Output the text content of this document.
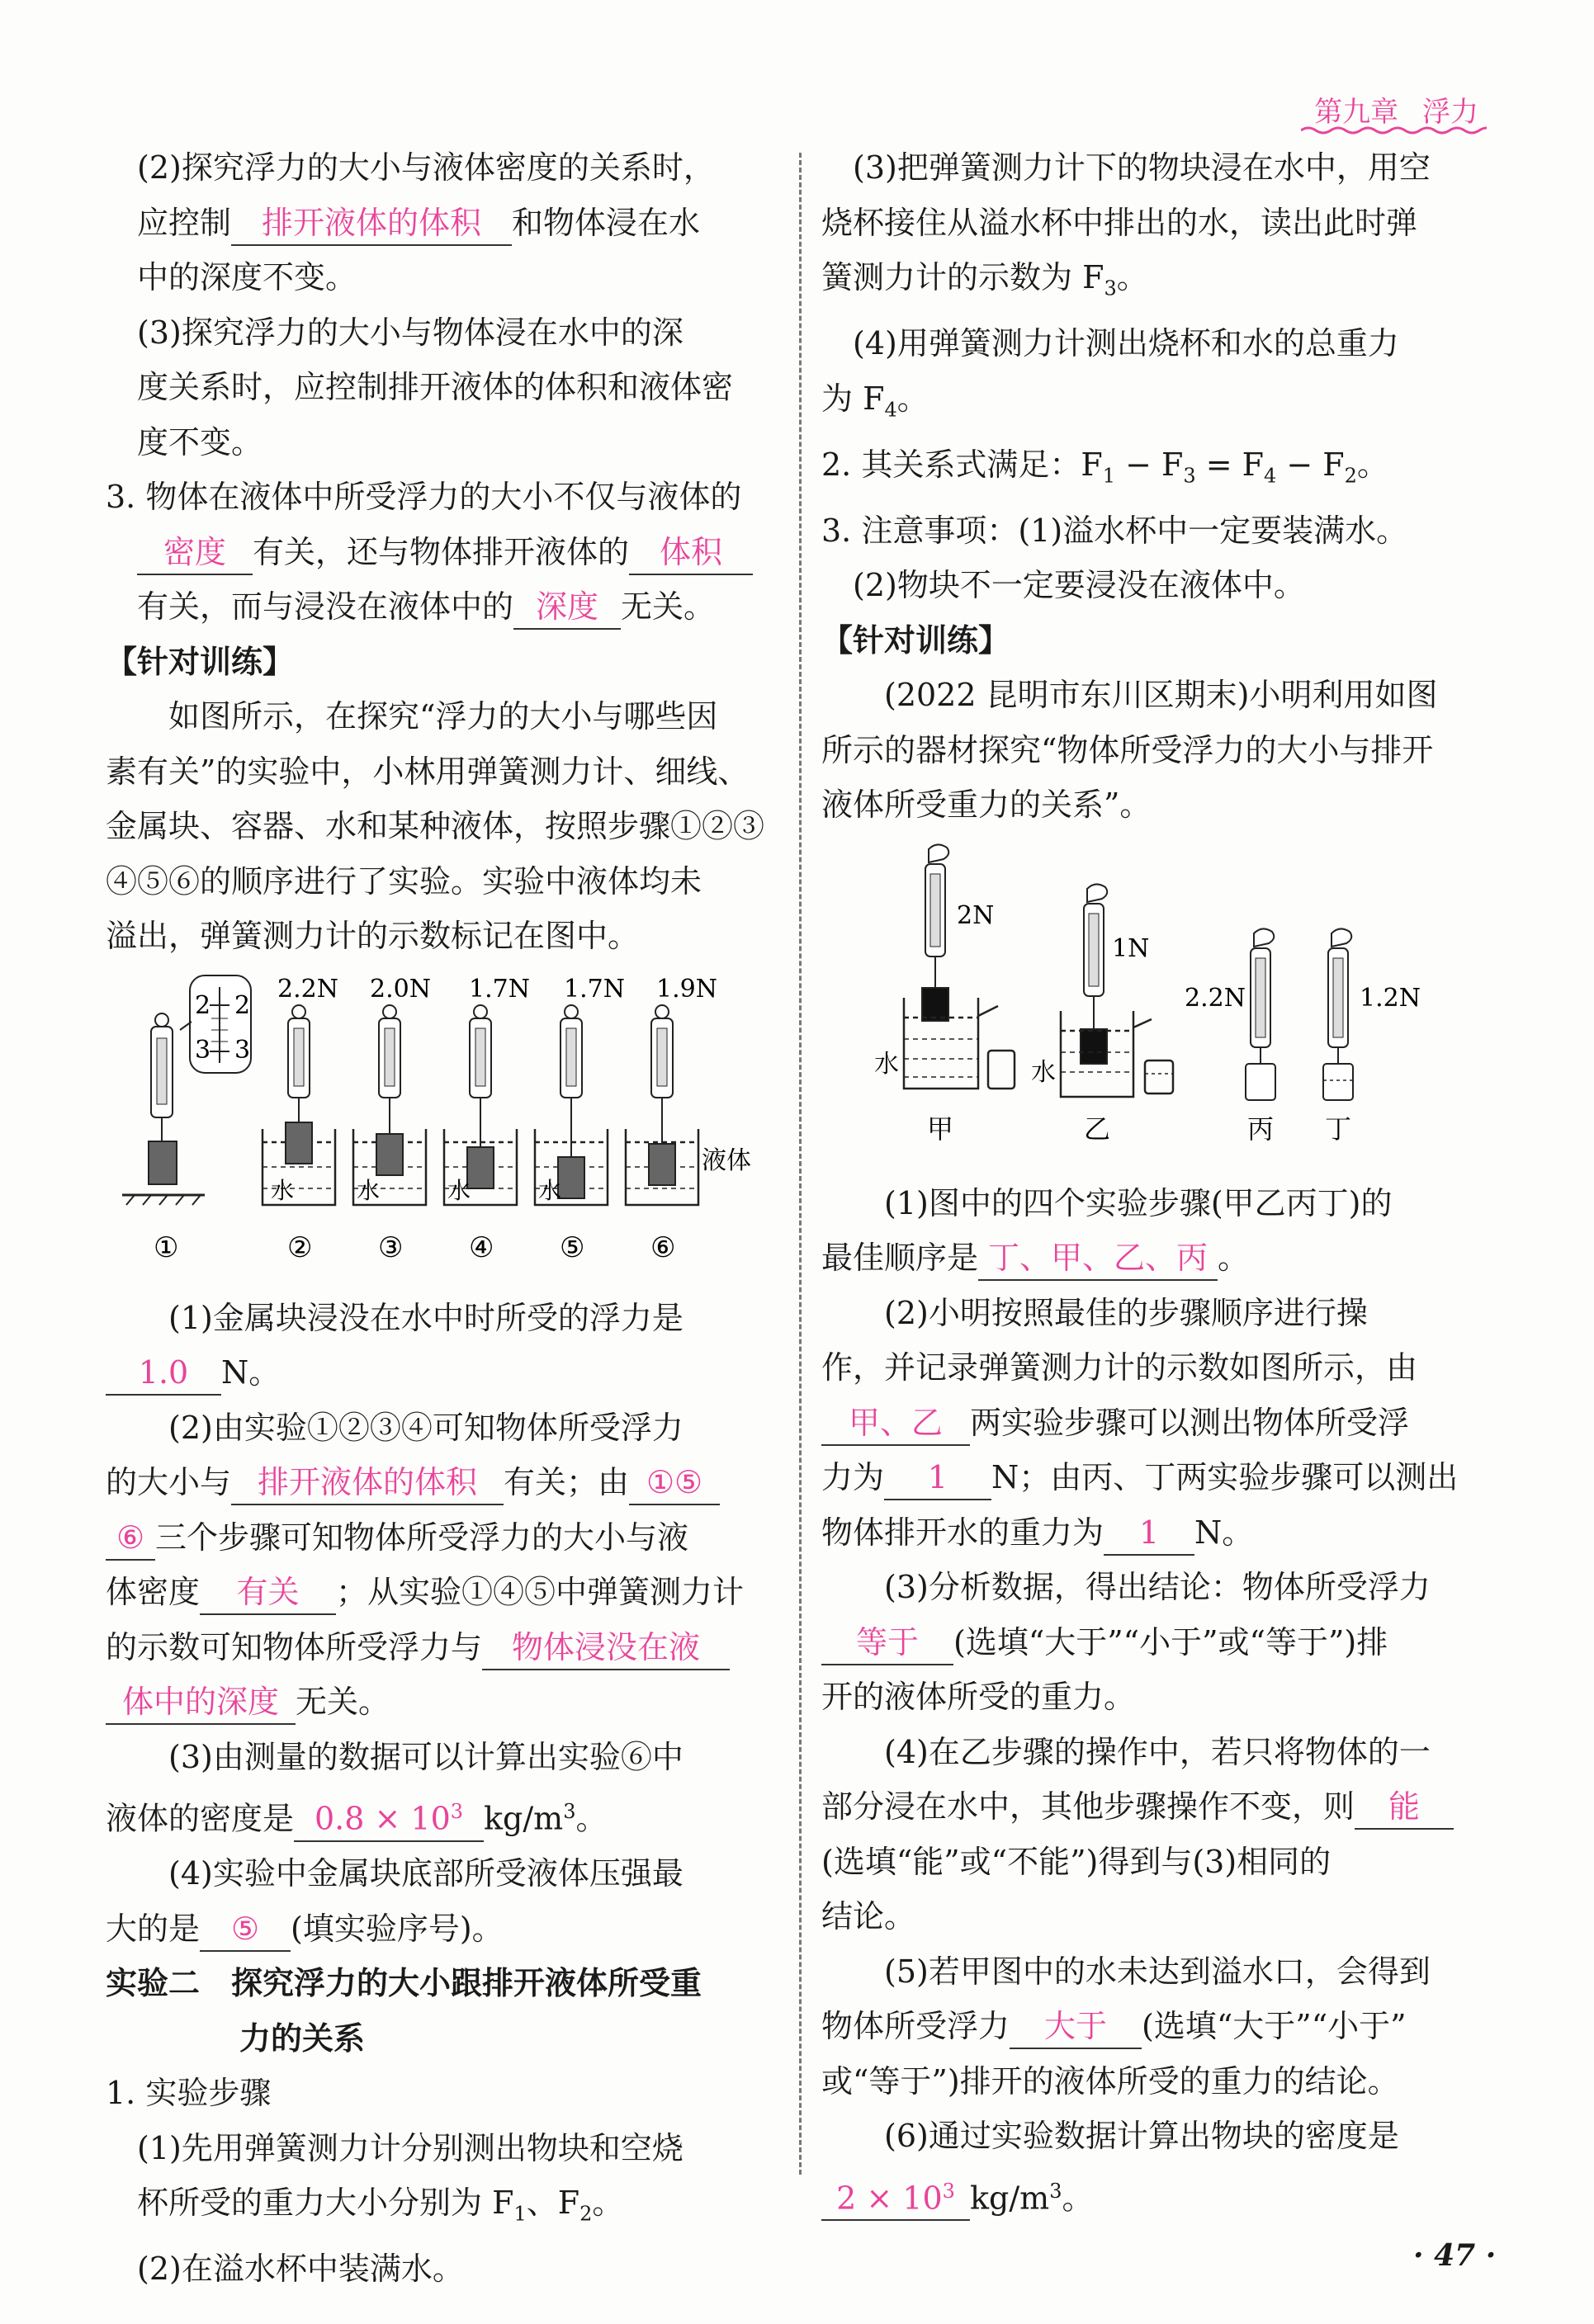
第九章 浮力

(2)探究浮力的大小与液体密度的关系时，

应控制 排开液体的体积 和物体浸在水

中的深度不变。

(3)探究浮力的大小与物体浸在水中的深

度关系时，应控制排开液体的体积和液体密

度不变。

3. 物体在液体中所受浮力的大小不仅与液体的

密度 有关，还与物体排开液体的 体积

有关，而与浸没在液体中的 深度 无关。

【针对训练】

如图所示，在探究“浮力的大小与哪些因

素有关”的实验中，小林用弹簧测力计、细线、

金属块、容器、水和某种液体，按照步骤①②③

④⑤⑥的顺序进行了实验。实验中液体均未

溢出，弹簧测力计的示数标记在图中。

2
2
3
3
2.2N 2.0N 1.7N 1.7N 1.9N
水	水	水	水
液体
①	② ③ ④ ⑤ ⑥

(1)金属块浸没在水中时所受的浮力是

1.0 N。

(2)由实验①②③④可知物体所受浮力

的大小与 排开液体的体积 有关；由 ①⑤

⑥ 三个步骤可知物体所受浮力的大小与液

体密度 有关 ；从实验①④⑤中弹簧测力计

的示数可知物体所受浮力与 物体浸没在液

体中的深度 无关。

(3)由测量的数据可以计算出实验⑥中

液体的密度是 $0.8 \times 10^3$ $kg/m^3$。

(4)实验中金属块底部所受液体压强最

大的是 ⑤ (填实验序号)。

实验二　探究浮力的大小跟排开液体所受重

力的关系

1. 实验步骤

(1)先用弹簧测力计分别测出物块和空烧

杯所受的重力大小分别为 $F_1$、$F_2$。

(2)在溢水杯中装满水。

(3)把弹簧测力计下的物块浸在水中，用空

烧杯接住从溢水杯中排出的水，读出此时弹

簧测力计的示数为 $F_3$。

(4)用弹簧测力计测出烧杯和水的总重力

为 $F_4$。

2. 其关系式满足：$F_1 - F_3 = F_4 - F_2$。

3. 注意事项：(1)溢水杯中一定要装满水。

(2)物块不一定要浸没在液体中。

【针对训练】

(2022 昆明市东川区期末)小明利用如图

所示的器材探究“物体所受浮力的大小与排开

液体所受重力的关系”。

2N
水
甲
1N
水
乙
2.2N
丙
1.2N
丁

(1)图中的四个实验步骤(甲乙丙丁)的

最佳顺序是 丁、甲、乙、丙 。

(2)小明按照最佳的步骤顺序进行操

作，并记录弹簧测力计的示数如图所示，由

甲、乙 两实验步骤可以测出物体所受浮

力为 1 N；由丙、丁两实验步骤可以测出

物体排开水的重力为 1 N。

(3)分析数据，得出结论：物体所受浮力

等于 (选填“大于”“小于”或“等于”)排

开的液体所受的重力。

(4)在乙步骤的操作中，若只将物体的一

部分浸在水中，其他步骤操作不变，则 能

(选填“能”或“不能”)得到与(3)相同的

结论。

(5)若甲图中的水未达到溢水口，会得到

物体所受浮力 大于 (选填“大于”“小于”

或“等于”)排开的液体所受的重力的结论。

(6)通过实验数据计算出物块的密度是

$2 \times 10^3$ $kg/m^3$。

· 47 ·
